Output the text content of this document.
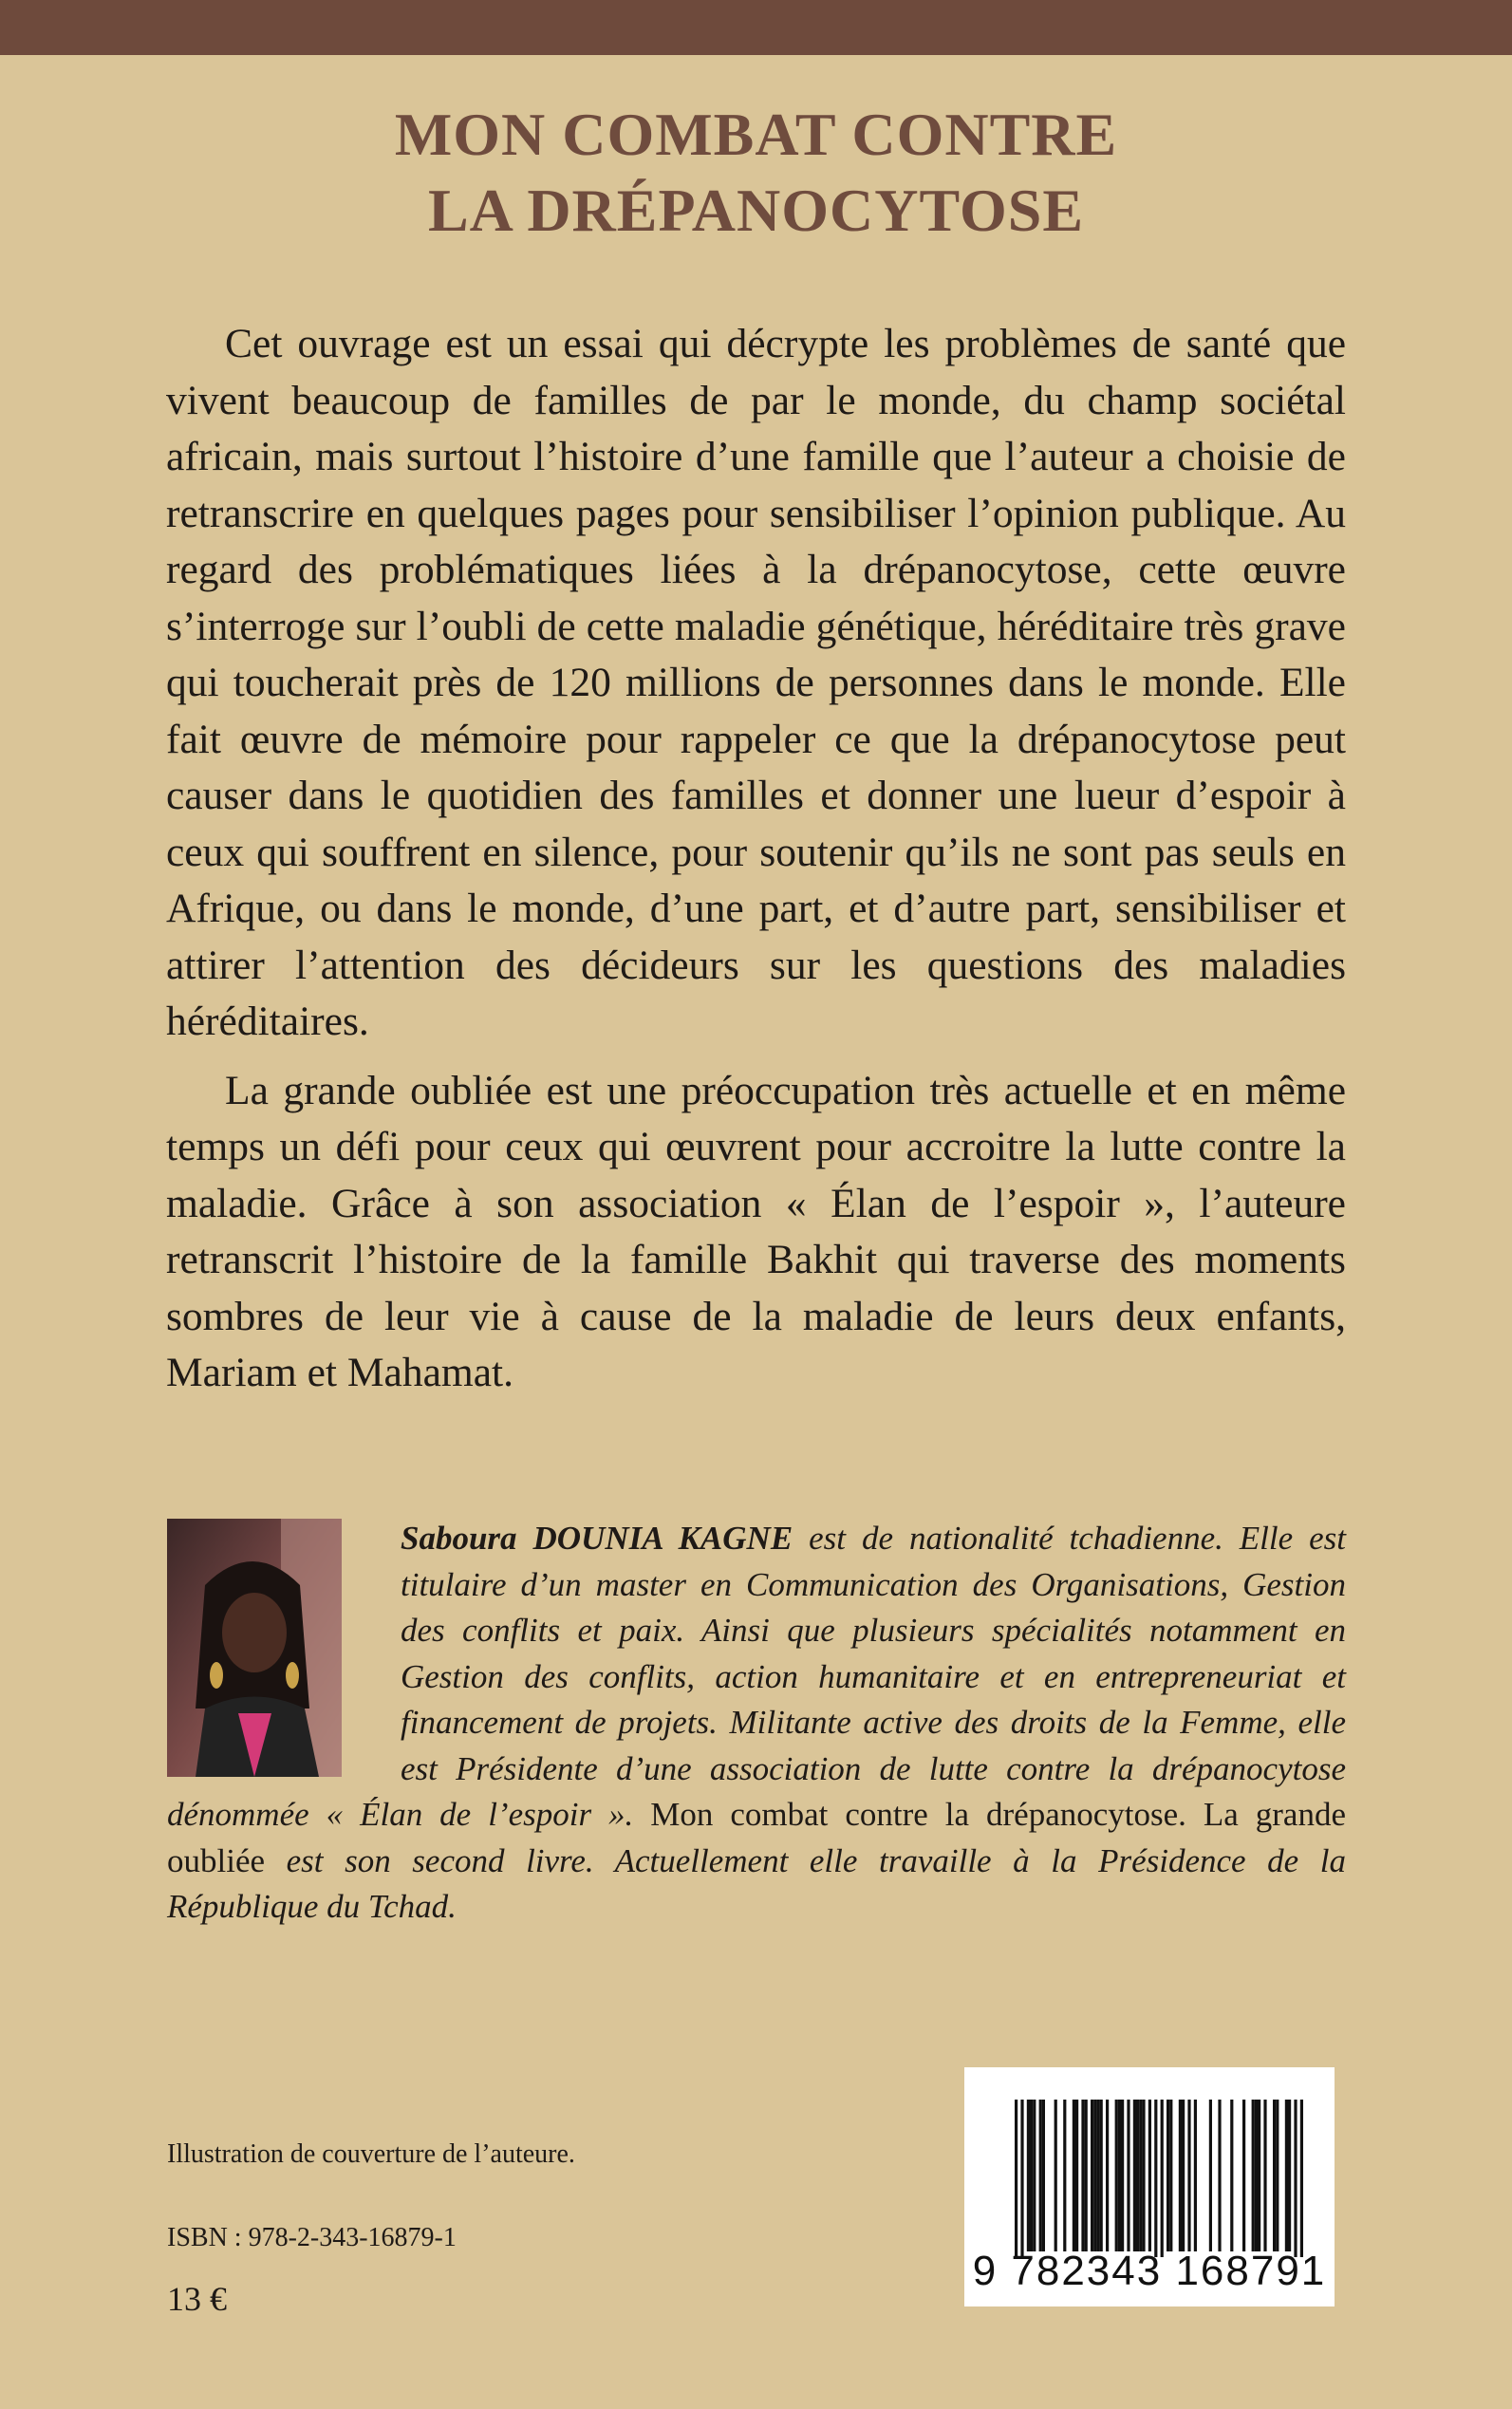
MON COMBAT CONTRE
LA DRÉPANOCYTOSE

Cet ouvrage est un essai qui décrypte les problèmes de santé que vivent beaucoup de familles de par le monde, du champ sociétal africain, mais surtout l’histoire d’une famille que l’auteur a choisie de retranscrire en quelques pages pour sensibiliser l’opinion publique. Au regard des problématiques liées à la drépanocytose, cette œuvre s’interroge sur l’oubli de cette maladie génétique, héréditaire très grave qui toucherait près de 120 millions de personnes dans le monde. Elle fait œuvre de mémoire pour rappeler ce que la drépanocytose peut causer dans le quotidien des familles et donner une lueur d’espoir à ceux qui souffrent en silence, pour soutenir qu’ils ne sont pas seuls en Afrique, ou dans le monde, d’une part, et d’autre part, sensibiliser et attirer l’attention des décideurs sur les questions des maladies héréditaires.

La grande oubliée est une préoccupation très actuelle et en même temps un défi pour ceux qui œuvrent pour accroitre la lutte contre la maladie. Grâce à son association « Élan de l’espoir », l’auteure retranscrit l’histoire de la famille Bakhit qui traverse des moments sombres de leur vie à cause de la maladie de leurs deux enfants, Mariam et Mahamat.

Saboura DOUNIA KAGNE est de nationalité tchadienne. Elle est titulaire d’un master en Communication des Organisations, Gestion des conflits et paix. Ainsi que plusieurs spécialités notamment en Gestion des conflits, action humanitaire et en entrepreneuriat et financement de projets. Militante active des droits de la Femme, elle est Présidente d’une association de lutte contre la drépanocytose dénommée « Élan de l’espoir ». Mon combat contre la drépanocytose. La grande oubliée est son second livre. Actuellement elle travaille à la Présidence de la République du Tchad.
Illustration de couverture de l’auteure.
ISBN : 978-2-343-16879-1
13 €
9 782343 168791
